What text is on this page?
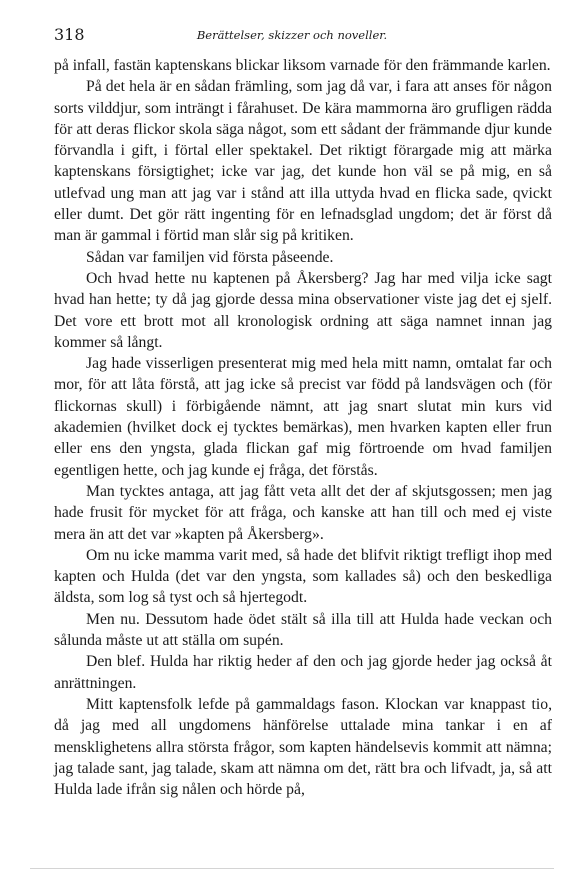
318	Berättelser, skizzer och noveller.

på infall, fastän kaptenskans blickar liksom varnade för den främmande karlen.

På det hela är en sådan främling, som jag då var, i fara att anses för någon sorts vilddjur, som inträngt i fårahuset. De kära mammorna äro grufligen rädda för att deras flickor skola säga något, som ett sådant der främmande djur kunde förvandla i gift, i förtal eller spektakel. Det riktigt förargade mig att märka kaptenskans försigtighet; icke var jag, det kunde hon väl se på mig, en så utlefvad ung man att jag var i stånd att illa uttyda hvad en flicka sade, qvickt eller dumt. Det gör rätt ingenting för en lefnadsglad ungdom; det är först då man är gammal i förtid man slår sig på kritiken.

Sådan var familjen vid första påseende.

Och hvad hette nu kaptenen på Åkersberg? Jag har med vilja icke sagt hvad han hette; ty då jag gjorde dessa mina observationer viste jag det ej sjelf. Det vore ett brott mot all kronologisk ordning att säga namnet innan jag kommer så långt.

Jag hade visserligen presenterat mig med hela mitt namn, omtalat far och mor, för att låta förstå, att jag icke så precist var född på landsvägen och (för flickornas skull) i förbigående nämnt, att jag snart slutat min kurs vid akademien (hvilket dock ej tycktes bemärkas), men hvarken kapten eller frun eller ens den yngsta, glada flickan gaf mig förtroende om hvad familjen egentligen hette, och jag kunde ej fråga, det förstås.

Man tycktes antaga, att jag fått veta allt det der af skjutsgossen; men jag hade frusit för mycket för att fråga, och kanske att han till och med ej viste mera än att det var »kapten på Åkersberg».

Om nu icke mamma varit med, så hade det blifvit riktigt trefligt ihop med kapten och Hulda (det var den yngsta, som kallades så) och den beskedliga äldsta, som log så tyst och så hjertegodt.

Men nu. Dessutom hade ödet stält så illa till att Hulda hade veckan och sålunda måste ut att ställa om supén.

Den blef. Hulda har riktig heder af den och jag gjorde heder jag också åt anrättningen.

Mitt kaptensfolk lefde på gammaldags fason. Klockan var knappast tio, då jag med all ungdomens hänförelse uttalade mina tankar i en af mensklighetens allra största frågor, som kapten händelsevis kommit att nämna; jag talade sant, jag talade, skam att nämna om det, rätt bra och lifvadt, ja, så att Hulda lade ifrån sig nålen och hörde på,
